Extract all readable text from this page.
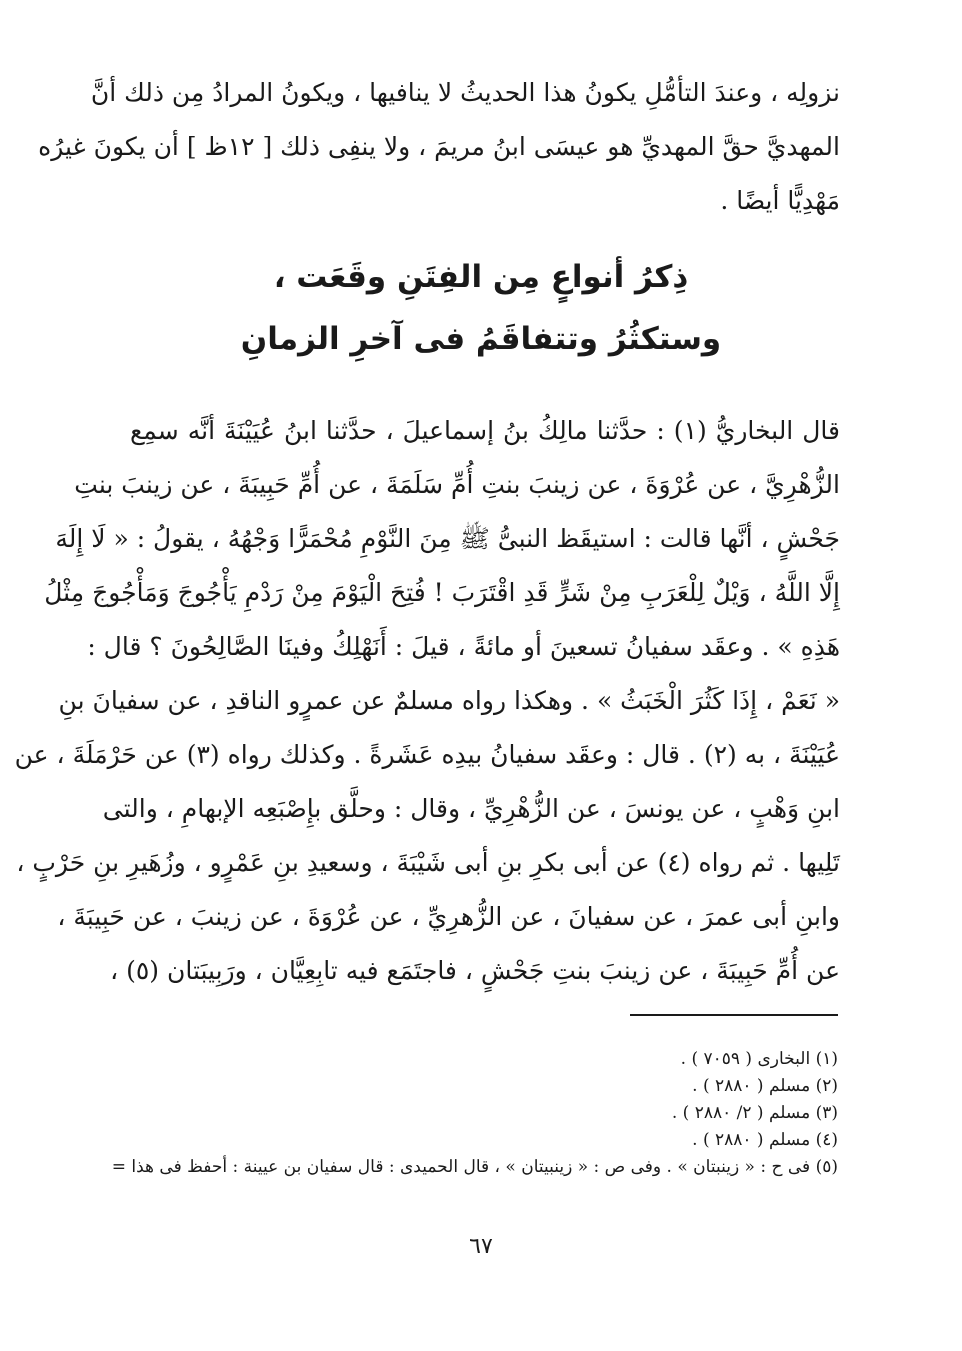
نزولِه ، وعندَ التأمُّلِ يكونُ هذا الحديثُ لا ينافيها ، ويكونُ المرادُ مِن ذلك أنَّ
المهديَّ حقَّ المهديِّ هو عيسَى ابنُ مريمَ ، ولا ينفِى ذلك [ ١٢ظ ] أن يكونَ غيرُه
مَهْدِيًّا أيضًا .
ذِكرُ أنواعٍ مِن الفِتَنِ وقَعَت ،
وستكثُرُ وتتفاقَمُ فى آخرِ الزمانِ
قال البخاريُّ (١) : حدَّثنا مالِكُ بنُ إسماعيلَ ، حدَّثنا ابنُ عُيَيْنَةَ أنَّه سمِع
الزُّهْرِيَّ ، عن عُرْوَةَ ، عن زينبَ بنتِ أُمِّ سَلَمَةَ ، عن أُمِّ حَبِيبَةَ ، عن زينبَ بنتِ
جَحْشٍ ، أنَّها قالت : استيقَظ النبىُّ ﷺ مِنَ النَّوْمِ مُحْمَرًّا وَجْهُهُ ، يقولُ : « لَا إِلَهَ
إِلَّا اللَّهُ ، وَيْلٌ لِلْعَرَبِ مِنْ شَرٍّ قَدِ اقْتَرَبَ ! فُتِحَ الْيَوْمَ مِنْ رَدْمِ يَأْجُوجَ وَمَأْجُوجَ مِثْلُ
هَذِهِ » . وعقَد سفيانُ تسعينَ أو مائةً ، قيلَ : أَنَهْلِكُ وفينَا الصَّالِحُونَ ؟ قال :
« نَعَمْ ، إِذَا كَثُرَ الْخَبَثُ » . وهكذا رواه مسلمٌ عن عمرٍو الناقدِ ، عن سفيانَ بنِ
عُيَيْنَةَ ، به (٢) . قال : وعقَد سفيانُ بيدِه عَشَرةً . وكذلك رواه (٣) عن حَرْمَلَةَ ، عن
ابنِ وَهْبٍ ، عن يونسَ ، عن الزُّهْرِيِّ ، وقال : وحلَّق بإِصْبَعِه الإبهامِ ، والتى
تَلِيها . ثم رواه (٤) عن أبى بكرِ بنِ أبى شَيْبَةَ ، وسعيدِ بنِ عَمْرٍو ، وزُهَيرِ بنِ حَرْبٍ ،
وابنِ أبى عمرَ ، عن سفيانَ ، عن الزُّهرِيِّ ، عن عُرْوَةَ ، عن زينبَ ، عن حَبِيبَةَ ،
عن أُمِّ حَبِيبَةَ ، عن زينبَ بنتِ جَحْشٍ ، فاجتَمَع فيه تابِعِيَّان ، ورَبِيبَتان (٥) ،
(١) البخارى ( ٧٠٥٩ ) .
(٢) مسلم ( ٢٨٨٠ ) .
(٣) مسلم ( ٢/ ٢٨٨٠ ) .
(٤) مسلم ( ٢٨٨٠ ) .
(٥) فى ح : « زينبتان » . وفى ص : « زينبيتان » ، قال الحميدى : قال سفيان بن عيينة : أحفظ فى هذا =
٦٧
